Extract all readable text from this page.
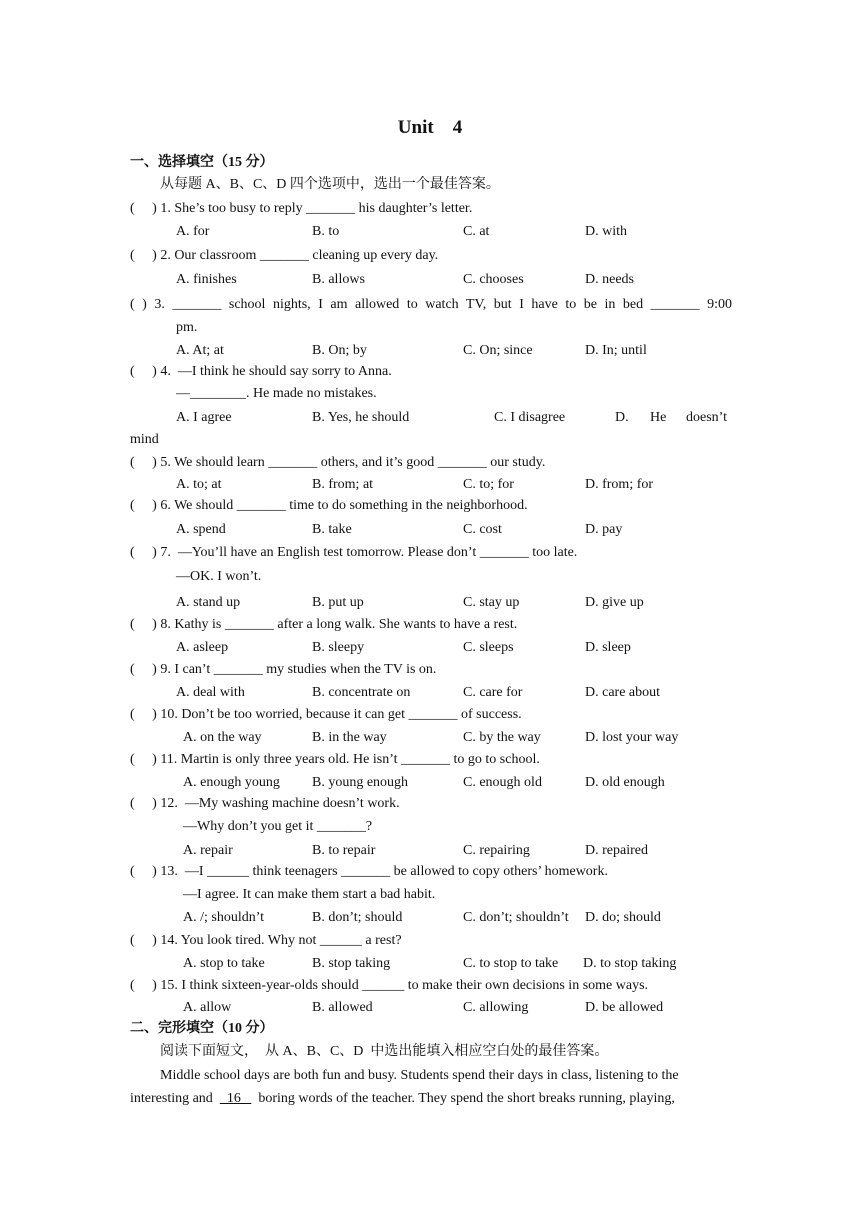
Unit    4
一、选择填空（15 分）
从每题 A、B、C、D 四个选项中，选出一个最佳答案。
(     ) 1. She’s too busy to reply _______ his daughter’s letter.
A. for	B. to	C. at	D. with
(     ) 2. Our classroom _______ cleaning up every day.
A. finishes	B. allows	C. chooses	D. needs
( ) 3. _______ school nights, I am allowed to watch TV, but I have to be in bed _______ 9:00
pm.
A. At; at	B. On; by	C. On; since	D. In; until
(     ) 4.  —I think he should say sorry to Anna.
—________. He made no mistakes.
A. I agree	B. Yes, he should	C. I disagree	D. He doesn’t
mind
(     ) 5. We should learn _______ others, and it’s good _______ our study.
A. to; at	B. from; at	C. to; for	D. from; for
(     ) 6. We should _______ time to do something in the neighborhood.
A. spend	B. take	C. cost	D. pay
(     ) 7.  —You’ll have an English test tomorrow. Please don’t _______ too late.
—OK. I won’t.
A. stand up	B. put up	C. stay up	D. give up
(     ) 8. Kathy is _______ after a long walk. She wants to have a rest.
A. asleep	B. sleepy	C. sleeps	D. sleep
(     ) 9. I can’t _______ my studies when the TV is on.
A. deal with	B. concentrate on	C. care for	D. care about
(     ) 10. Don’t be too worried, because it can get _______ of success.
A. on the way	B. in the way	C. by the way	D. lost your way
(     ) 11. Martin is only three years old. He isn’t _______ to go to school.
A. enough young B. young enough	C. enough old	D. old enough
(     ) 12.  —My washing machine doesn’t work.
—Why don’t you get it _______?
A. repair	B. to repair	C. repairing	D. repaired
(     ) 13.  —I ______ think teenagers _______ be allowed to copy others’ homework.
—I agree. It can make them start a bad habit.
A. /; shouldn’t	B. don’t; should	C. don’t; shouldn’t D. do; should
(     ) 14. You look tired. Why not ______ a rest?
A. stop to take	B. stop taking	C. to stop to take D. to stop taking
(     ) 15. I think sixteen-year-olds should ______ to make their own decisions in some ways.
A. allow	B. allowed	C. allowing	D. be allowed
二、完形填空（10 分）
阅读下面短文，  从 A、B、C、D  中选出能填入相应空白处的最佳答案。
Middle school days are both fun and busy. Students spend their days in class, listening to the
interesting and    16     boring words of the teacher. They spend the short breaks running, playing,
